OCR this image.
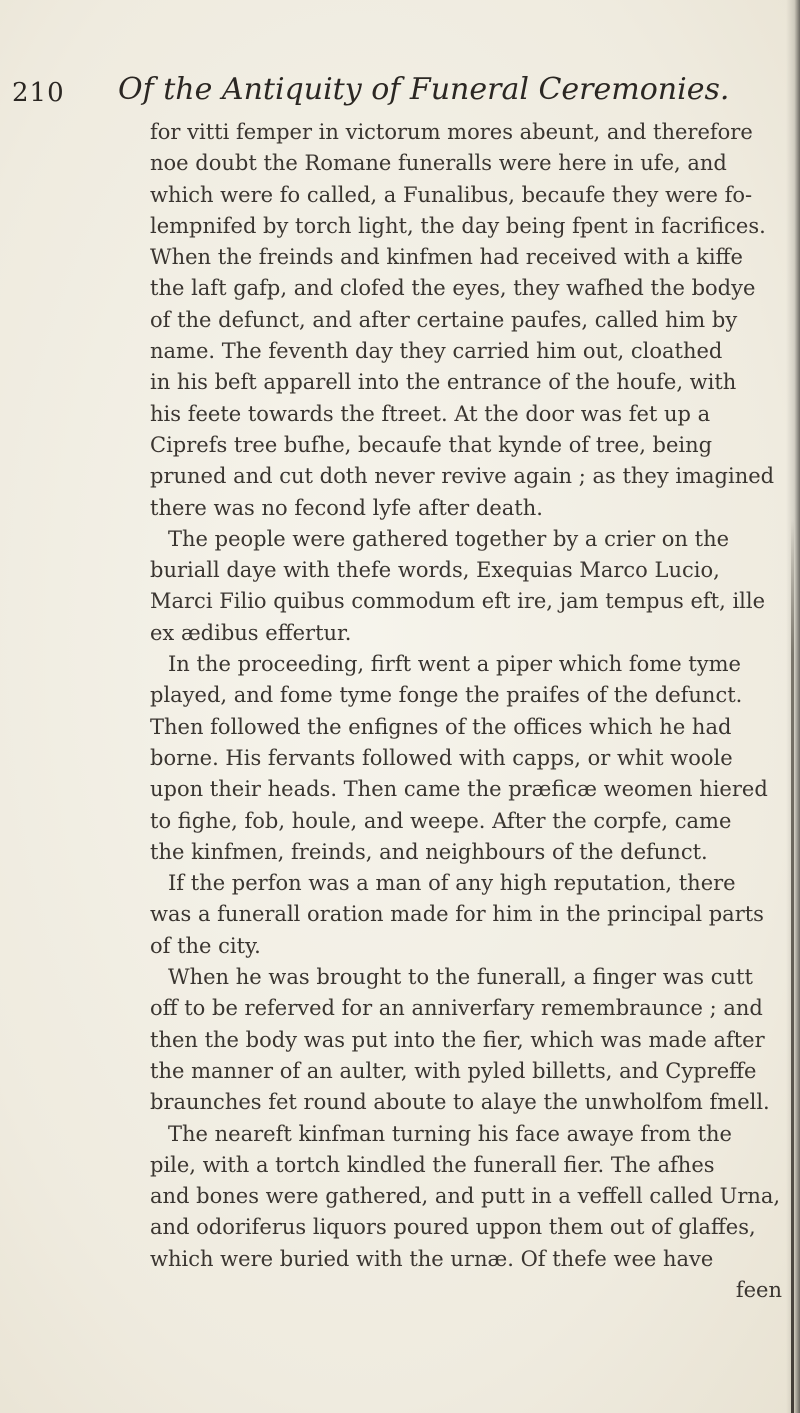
210 Of the Antiquity of Funeral Ceremonies.
for vitti femper in victorum mores abeunt, and therefore
noe doubt the Romane funeralls were here in ufe, and
which were fo called, a Funalibus, becaufe they were fo-
lempnifed by torch light, the day being fpent in facrifices.
When the freinds and kinfmen had received with a kiffe
the laft gafp, and clofed the eyes, they wafhed the bodye
of the defunct, and after certaine paufes, called him by
name. The feventh day they carried him out, cloathed
in his beft apparell into the entrance of the houfe, with
his feete towards the ftreet. At the door was fet up a
Ciprefs tree bufhe, becaufe that kynde of tree, being
pruned and cut doth never revive again ; as they imagined
there was no fecond lyfe after death.
The people were gathered together by a crier on the
buriall daye with thefe words, Exequias Marco Lucio,
Marci Filio quibus commodum eft ire, jam tempus eft, ille
ex ædibus effertur.
In the proceeding, firft went a piper which fome tyme
played, and fome tyme fonge the praifes of the defunct.
Then followed the enfignes of the offices which he had
borne. His fervants followed with capps, or whit woole
upon their heads. Then came the præficæ weomen hiered
to fighe, fob, houle, and weepe. After the corpfe, came
the kinfmen, freinds, and neighbours of the defunct.
If the perfon was a man of any high reputation, there
was a funerall oration made for him in the principal parts
of the city.
When he was brought to the funerall, a finger was cutt
off to be referved for an anniverfary remembraunce ; and
then the body was put into the fier, which was made after
the manner of an aulter, with pyled billetts, and Cypreffe
braunches fet round aboute to alaye the unwholfom fmell.
The neareft kinfman turning his face awaye from the
pile, with a tortch kindled the funerall fier. The afhes
and bones were gathered, and putt in a veffell called Urna,
and odoriferus liquors poured uppon them out of glaffes,
which were buried with the urnæ. Of thefe wee have
feen
